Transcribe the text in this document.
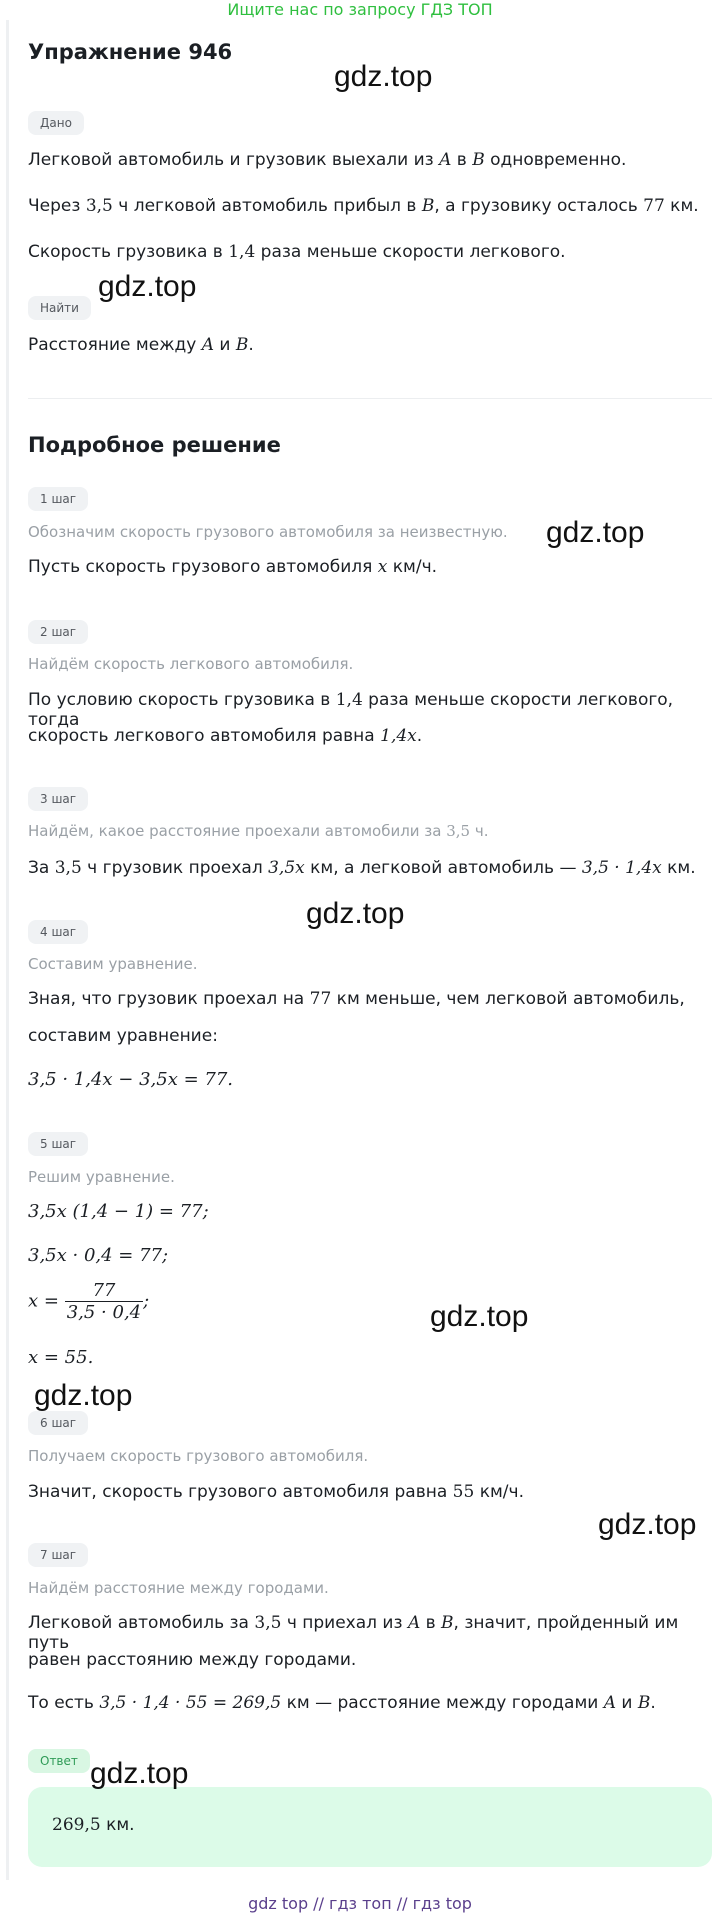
Ищите нас по запросу ГДЗ ТОП
Упражнение 946
Дано
Легковой автомобиль и грузовик выехали из A в B одновременно.
Через 3,5 ч легковой автомобиль прибыл в B, а грузовику осталось 77 км.
Скорость грузовика в 1,4 раза меньше скорости легкового.
Найти
Расстояние между A и B.
Подробное решение
1 шаг
Обозначим скорость грузового автомобиля за неизвестную.
Пусть скорость грузового автомобиля x км/ч.
2 шаг
Найдём скорость легкового автомобиля.
По условию скорость грузовика в 1,4 раза меньше скорости легкового, тогда
скорость легкового автомобиля равна 1,4x.
3 шаг
Найдём, какое расстояние проехали автомобили за 3,5 ч.
За 3,5 ч грузовик проехал 3,5x км, а легковой автомобиль — 3,5 · 1,4x км.
4 шаг
Составим уравнение.
Зная, что грузовик проехал на 77 км меньше, чем легковой автомобиль,
составим уравнение:
3,5 · 1,4x − 3,5x = 77.
5 шаг
Решим уравнение.
3,5x (1,4 − 1) = 77;
3,5x · 0,4 = 77;
$x = \frac{77}{3,5 \cdot 0,4}$ ;
x = 55.
6 шаг
Получаем скорость грузового автомобиля.
Значит, скорость грузового автомобиля равна 55 км/ч.
7 шаг
Найдём расстояние между городами.
Легковой автомобиль за 3,5 ч приехал из A в B, значит, пройденный им путь
равен расстоянию между городами.
То есть 3,5 · 1,4 · 55 = 269,5 км — расстояние между городами A и B.
Ответ
269,5 км.
gdz.top
gdz.top
gdz.top
gdz.top
gdz.top
gdz.top
gdz.top
gdz.top
gdz top // гдз топ // гдз top
